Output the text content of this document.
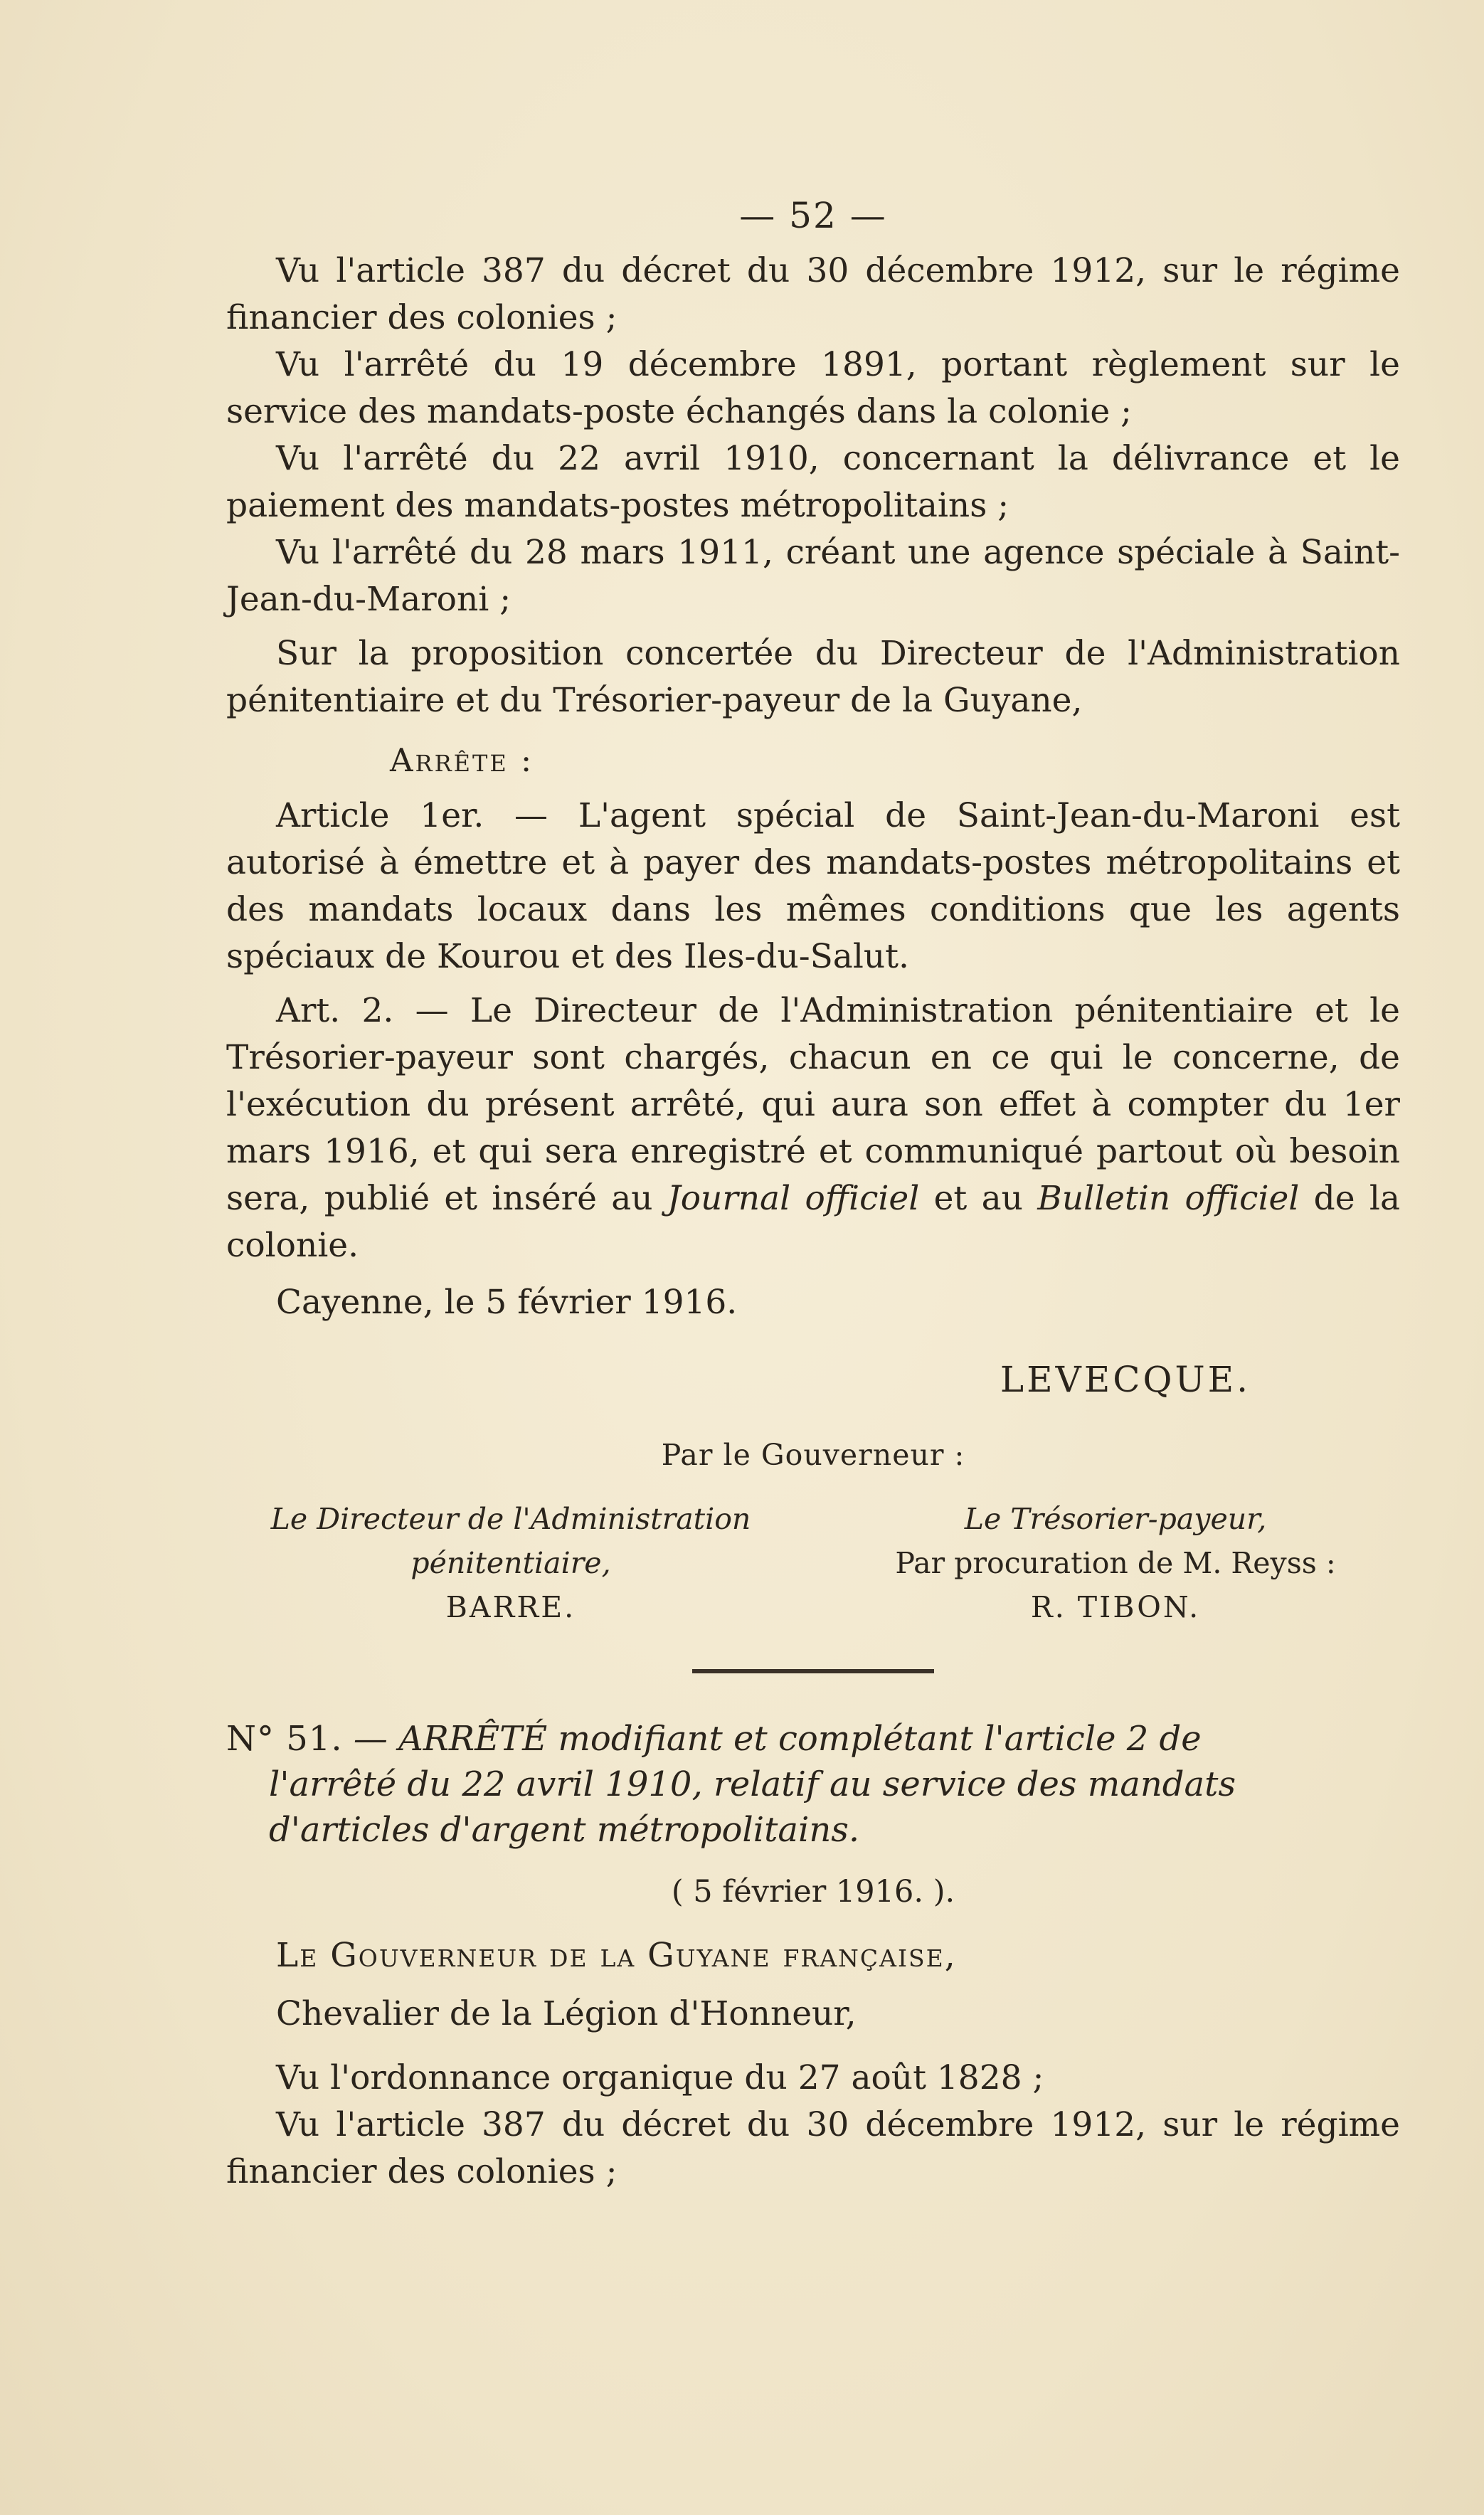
— 52 —

Vu l'article 387 du décret du 30 décembre 1912, sur le régime financier des colonies ;

Vu l'arrêté du 19 décembre 1891, portant règlement sur le service des mandats-poste échangés dans la colonie ;

Vu l'arrêté du 22 avril 1910, concernant la délivrance et le paiement des mandats-postes métropolitains ;

Vu l'arrêté du 28 mars 1911, créant une agence spéciale à Saint-Jean-du-Maroni ;

Sur la proposition concertée du Directeur de l'Administration pénitentiaire et du Trésorier-payeur de la Guyane,

Arrête :

Article 1er. — L'agent spécial de Saint-Jean-du-Maroni est autorisé à émettre et à payer des mandats-postes métropolitains et des mandats locaux dans les mêmes conditions que les agents spéciaux de Kourou et des Iles-du-Salut.

Art. 2. — Le Directeur de l'Administration pénitentiaire et le Trésorier-payeur sont chargés, chacun en ce qui le concerne, de l'exécution du présent arrêté, qui aura son effet à compter du 1er mars 1916, et qui sera enregistré et communiqué partout où besoin sera, publié et inséré au Journal officiel et au Bulletin officiel de la colonie.

Cayenne, le 5 février 1916.
LEVECQUE.
Par le Gouverneur :
Le Directeur de l'Administration
pénitentiaire,
BARRE.
Le Trésorier-payeur,
Par procuration de M. Reyss :
R. TIBON.

N° 51. — ARRÊTÉ modifiant et complétant l'article 2 de
l'arrêté du 22 avril 1910, relatif au service des mandats
d'articles d'argent métropolitains.

( 5 février 1916. ).

Le Gouverneur de la Guyane française,

Chevalier de la Légion d'Honneur,

Vu l'ordonnance organique du 27 août 1828 ;

Vu l'article 387 du décret du 30 décembre 1912, sur le régime financier des colonies ;
